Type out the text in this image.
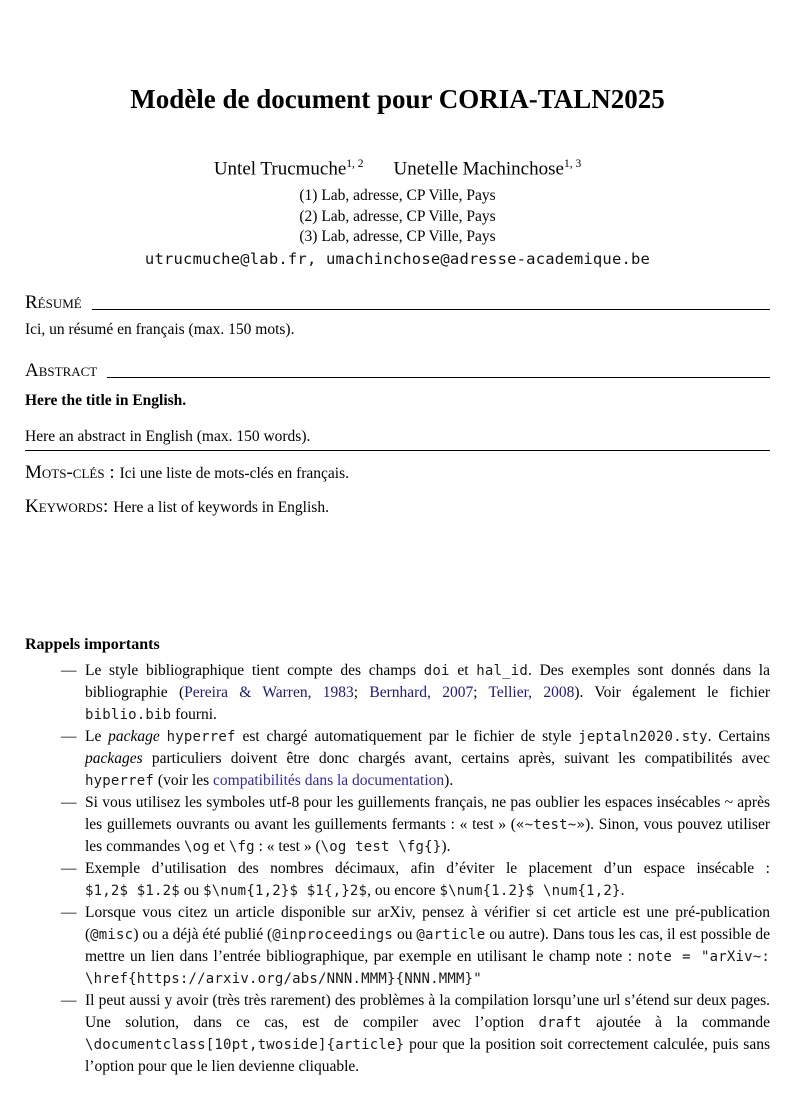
Modèle de document pour CORIA-TALN2025
Untel Trucmuche$^{1, 2}$ Unetelle Machinchose$^{1, 3}$

(1) Lab, adresse, CP Ville, Pays

(2) Lab, adresse, CP Ville, Pays

(3) Lab, adresse, CP Ville, Pays

utrucmuche@lab.fr, umachinchose@adresse-academique.be
Résumé

Ici, un résumé en français (max. 150 mots).

Abstract

Here the title in English.

Here an abstract in English (max. 150 words).

Mots-clés : Ici une liste de mots-clés en français.

Keywords: Here a list of keywords in English.

Rappels importants

— Le style bibliographique tient compte des champs doi et hal_id. Des exemples sont donnés dans la bibliographie (Pereira & Warren, 1983; Bernhard, 2007; Tellier, 2008). Voir également le fichier biblio.bib fourni.
— Le package hyperref est chargé automatiquement par le fichier de style jeptaln2020.sty. Certains packages particuliers doivent être donc chargés avant, certains après, suivant les compatibilités avec hyperref (voir les compatibilités dans la documentation).
— Si vous utilisez les symboles utf-8 pour les guillements français, ne pas oublier les espaces insécables ~ après les guillemets ouvrants ou avant les guillements fermants : « test » («~test~»). Sinon, vous pouvez utiliser les commandes \og et \fg : « test » (\og test \fg{}).
— Exemple d’utilisation des nombres décimaux, afin d’éviter le placement d’un espace insécable : $1,2$ $1.2$ ou $\num{1,2}$ $1{,}2$, ou encore $\num{1.2}$ \num{1,2}.
— Lorsque vous citez un article disponible sur arXiv, pensez à vérifier si cet article est une pré-publication (@misc) ou a déjà été publié (@inproceedings ou @article ou autre). Dans tous les cas, il est possible de mettre un lien dans l’entrée bibliographique, par exemple en utilisant le champ note : note = "arXiv~: \href{https://arxiv.org/abs/NNN.MMM}{NNN.MMM}"
— Il peut aussi y avoir (très très rarement) des problèmes à la compilation lorsqu’une url s’étend sur deux pages. Une solution, dans ce cas, est de compiler avec l’option draft ajoutée à la commande \documentclass[10pt,twoside]{article} pour que la position soit correctement calculée, puis sans l’option pour que le lien devienne cliquable.
